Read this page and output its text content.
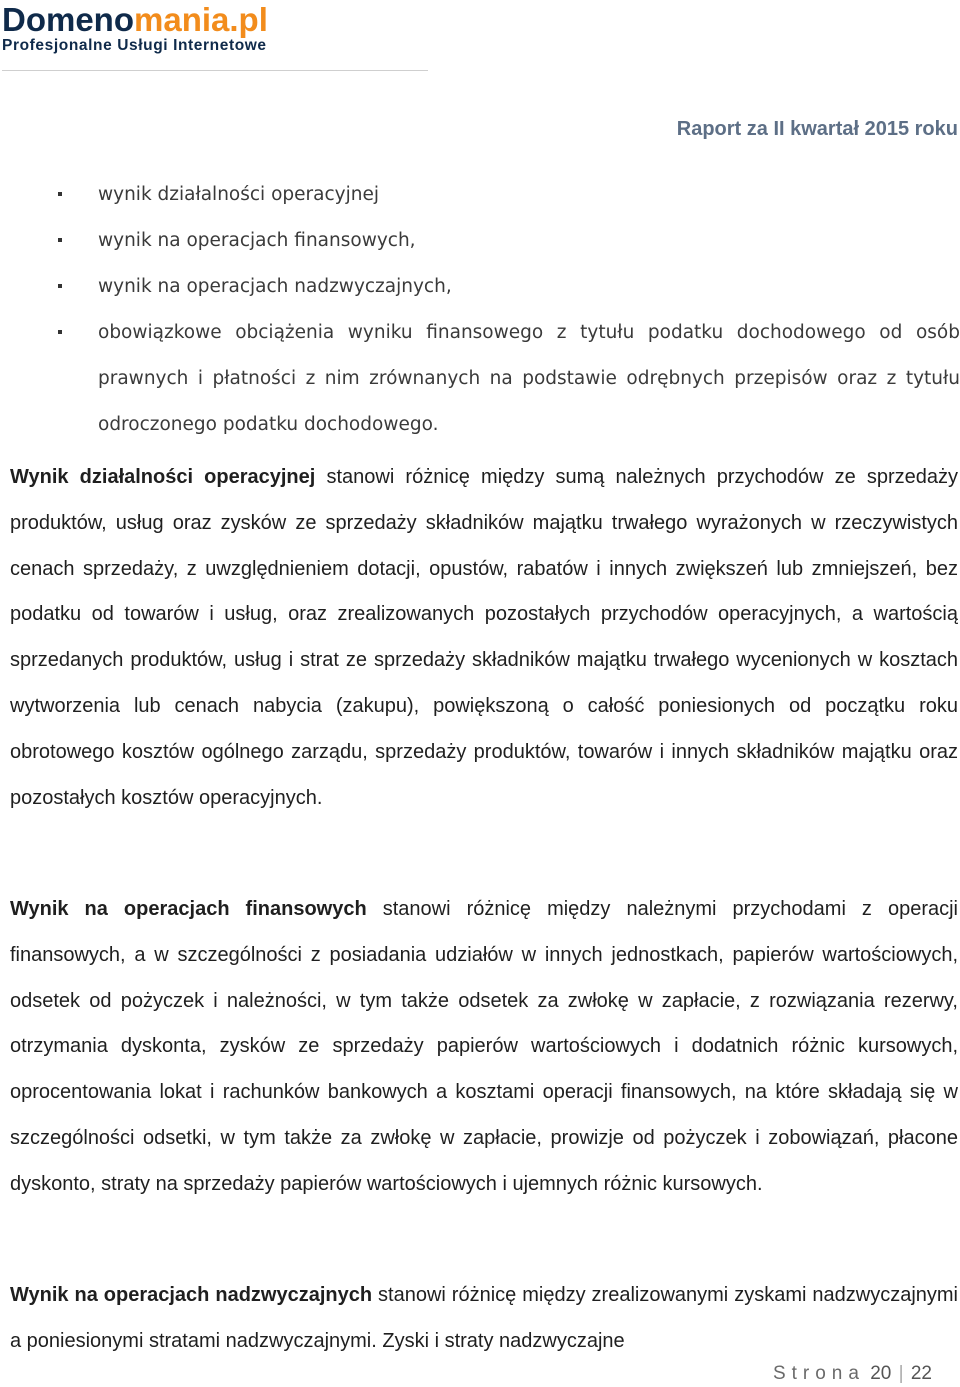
Domenomania.pl
Profesjonalne Usługi Internetowe
Raport za II kwartał 2015 roku
wynik działalności operacyjnej
wynik na operacjach finansowych,
wynik na operacjach nadzwyczajnych,
obowiązkowe obciążenia wyniku finansowego z tytułu podatku dochodowego od osób prawnych i płatności z nim zrównanych na podstawie odrębnych przepisów oraz z tytułu odroczonego podatku dochodowego.

Wynik działalności operacyjnej stanowi różnicę między sumą należnych przychodów ze sprzedaży produktów, usług oraz zysków ze sprzedaży składników majątku trwałego wyrażonych w rzeczywistych cenach sprzedaży, z uwzględnieniem dotacji, opustów, rabatów i innych zwiększeń lub zmniejszeń, bez podatku od towarów i usług, oraz zrealizowanych pozostałych przychodów operacyjnych, a wartością sprzedanych produktów, usług i strat ze sprzedaży składników majątku trwałego wycenionych w kosztach wytworzenia lub cenach nabycia (zakupu), powiększoną o całość poniesionych od początku roku obrotowego kosztów ogólnego zarządu, sprzedaży produktów, towarów i innych składników majątku oraz pozostałych kosztów operacyjnych.

Wynik na operacjach finansowych stanowi różnicę między należnymi przychodami z operacji finansowych, a w szczególności z posiadania udziałów w innych jednostkach, papierów wartościowych, odsetek od pożyczek i należności, w tym także odsetek za zwłokę w zapłacie, z rozwiązania rezerwy, otrzymania dyskonta, zysków ze sprzedaży papierów wartościowych i dodatnich różnic kursowych, oprocentowania lokat i rachunków bankowych a kosztami operacji finansowych, na które składają się w szczególności odsetki, w tym także za zwłokę w zapłacie, prowizje od pożyczek i zobowiązań, płacone dyskonto, straty na sprzedaży papierów wartościowych i ujemnych różnic kursowych.

Wynik na operacjach nadzwyczajnych stanowi różnicę między zrealizowanymi zyskami nadzwyczajnymi a poniesionymi stratami nadzwyczajnymi. Zyski i straty nadzwyczajne

Strona 20 | 22
